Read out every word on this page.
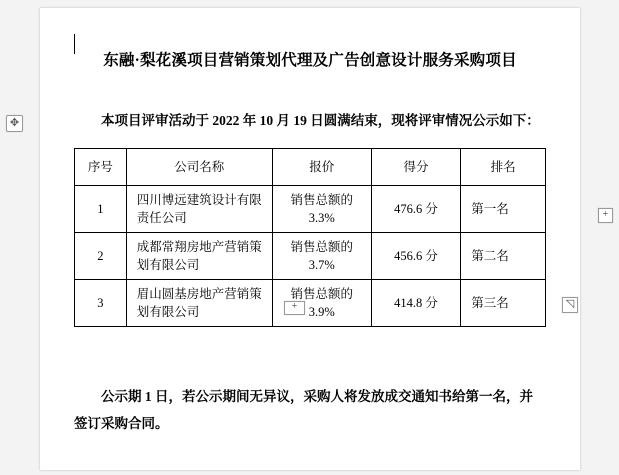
东融·梨花溪项目营销策划代理及广告创意设计服务采购项目
本项目评审活动于 2022 年 10 月 19 日圆满结束，现将评审情况公示如下：
序号	公司名称	报价	得分	排名
1	四川博远建筑设计有限责任公司	销售总额的 3.3%	476.6 分	第一名
2	成都常翔房地产营销策划有限公司	销售总额的 3.7%	456.6 分	第二名
3	眉山圆基房地产营销策划有限公司	销售总额的 3.9%	414.8 分	第三名
公示期 1 日，若公示期间无异议，采购人将发放成交通知书给第一名，并签订采购合同。
✥
+
+	◹
